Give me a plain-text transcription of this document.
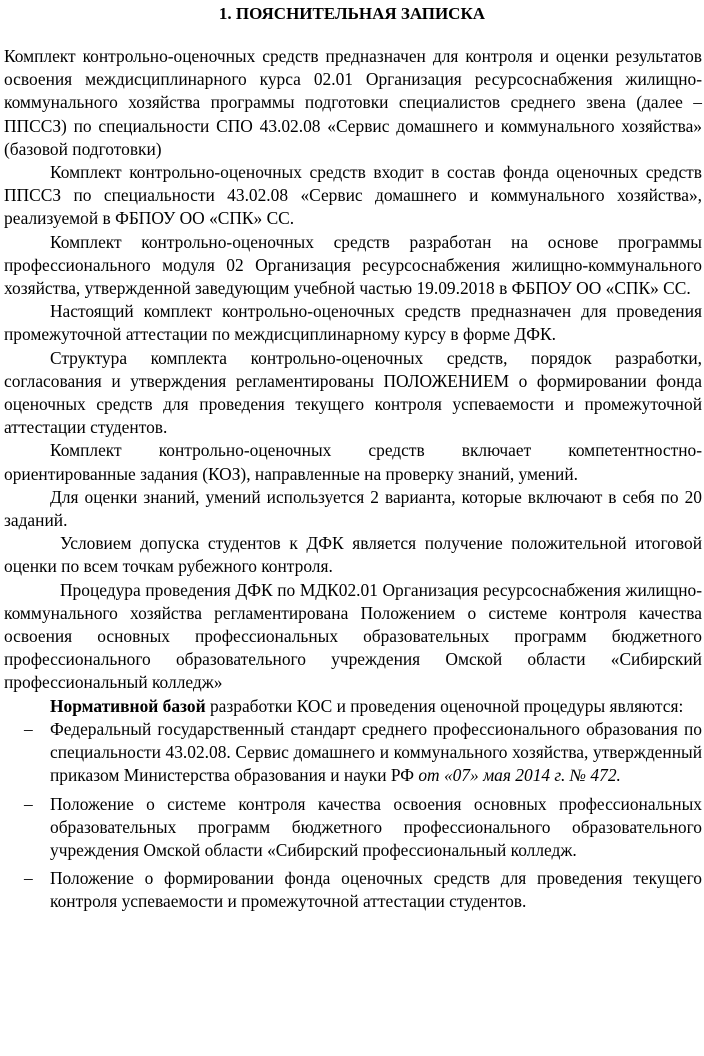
1. ПОЯСНИТЕЛЬНАЯ ЗАПИСКА

Комплект контрольно-оценочных средств предназначен для контроля и оценки результатов освоения междисциплинарного курса 02.01 Организация ресурсоснабжения жилищно-коммунального хозяйства программы подготовки специалистов среднего звена (далее – ППССЗ) по специальности СПО 43.02.08 «Сервис домашнего и коммунального хозяйства» (базовой подготовки)

Комплект контрольно-оценочных средств входит в состав фонда оценочных средств ППССЗ по специальности 43.02.08 «Сервис домашнего и коммунального хозяйства», реализуемой в ФБПОУ ОО «СПК» СС.

Комплект контрольно-оценочных средств разработан на основе программы профессионального модуля 02 Организация ресурсоснабжения жилищно-коммунального хозяйства, утвержденной заведующим учебной частью 19.09.2018 в ФБПОУ ОО «СПК» СС.

Настоящий комплект контрольно-оценочных средств предназначен для проведения промежуточной аттестации по междисциплинарному курсу в форме ДФК.

Структура комплекта контрольно-оценочных средств, порядок разработки, согласования и утверждения регламентированы ПОЛОЖЕНИЕМ о формировании фонда оценочных средств для проведения текущего контроля успеваемости и промежуточной аттестации студентов.

Комплект контрольно-оценочных средств включает компетентностно-ориентированные задания (КОЗ), направленные на проверку знаний, умений.

Для оценки знаний, умений используется 2 варианта, которые включают в себя по 20 заданий.

Условием допуска студентов к ДФК является получение положительной итоговой оценки по всем точкам рубежного контроля.

Процедура проведения ДФК по МДК02.01 Организация ресурсоснабжения жилищно-коммунального хозяйства регламентирована Положением о системе контроля качества освоения основных профессиональных образовательных программ бюджетного профессионального образовательного учреждения Омской области «Сибирский профессиональный колледж»

Нормативной базой разработки КОС и проведения оценочной процедуры являются:

– Федеральный государственный стандарт среднего профессионального образования по специальности 43.02.08. Сервис домашнего и коммунального хозяйства, утвержденный приказом Министерства образования и науки РФ от «07» мая 2014 г. № 472.
– Положение о системе контроля качества освоения основных профессиональных образовательных программ бюджетного профессионального образовательного учреждения Омской области «Сибирский профессиональный колледж.
– Положение о формировании фонда оценочных средств для проведения текущего контроля успеваемости и промежуточной аттестации студентов.
